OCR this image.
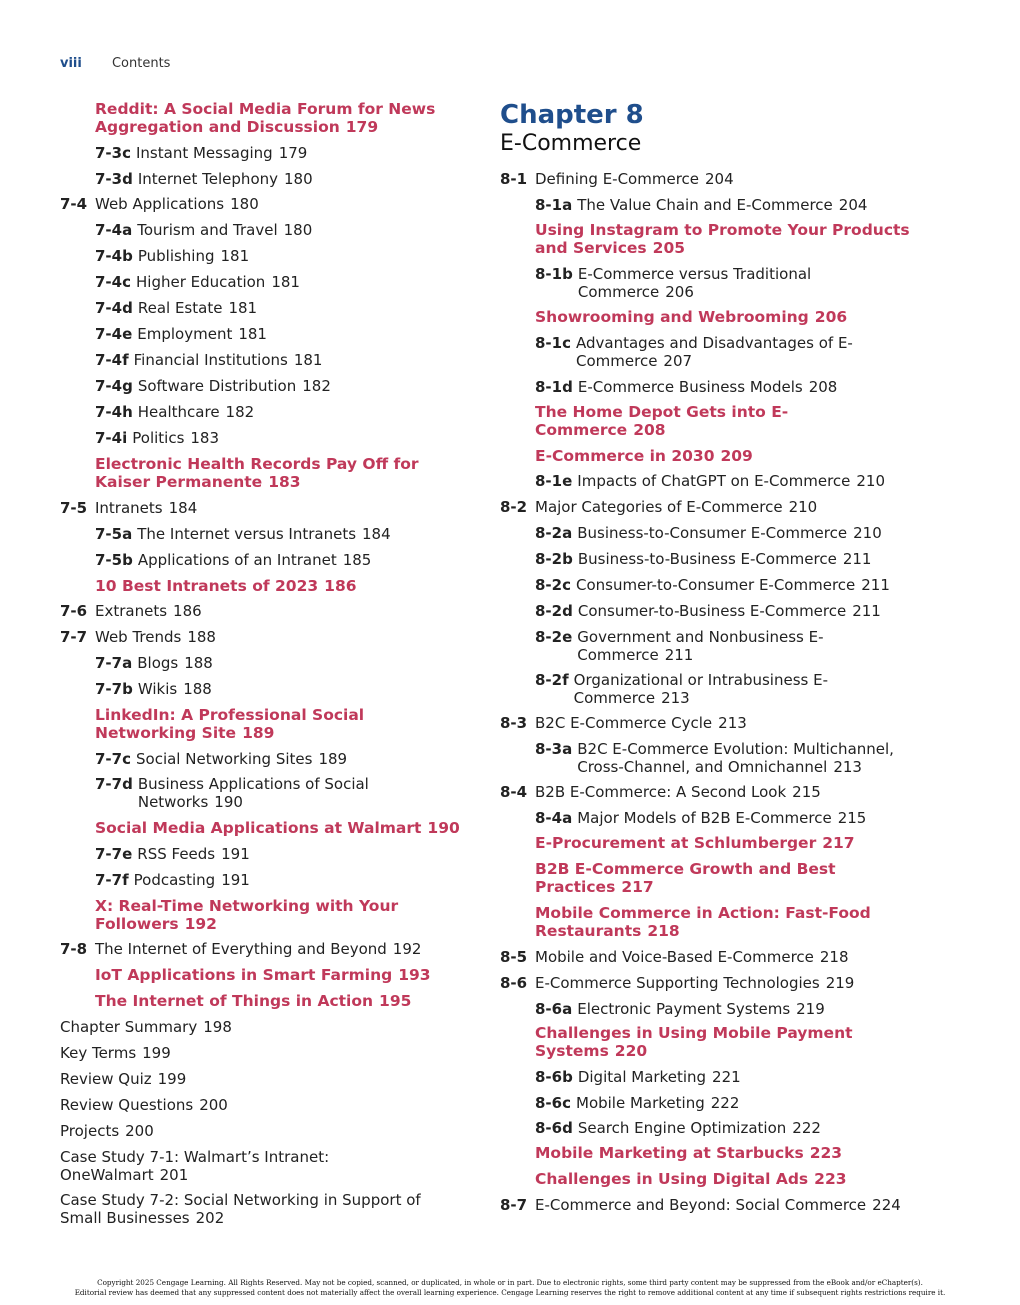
viii Contents
Reddit: A Social Media Forum for News Aggregation and Discussion 179
7-3c Instant Messaging 179
7-3d Internet Telephony 180
7-4 Web Applications 180
7-4a Tourism and Travel 180
7-4b Publishing 181
7-4c Higher Education 181
7-4d Real Estate 181
7-4e Employment 181
7-4f Financial Institutions 181
7-4g Software Distribution 182
7-4h Healthcare 182
7-4i Politics 183
Electronic Health Records Pay Off for Kaiser Permanente 183
7-5 Intranets 184
7-5a The Internet versus Intranets 184
7-5b Applications of an Intranet 185
10 Best Intranets of 2023 186
7-6 Extranets 186
7-7 Web Trends 188
7-7a Blogs 188
7-7b Wikis 188
LinkedIn: A Professional Social Networking Site 189
7-7c Social Networking Sites 189
7-7d Business Applications of Social Networks 190
Social Media Applications at Walmart 190
7-7e RSS Feeds 191
7-7f Podcasting 191
X: Real-Time Networking with Your Followers 192
7-8 The Internet of Everything and Beyond 192
IoT Applications in Smart Farming 193
The Internet of Things in Action 195
Chapter Summary 198
Key Terms 199
Review Quiz 199
Review Questions 200
Projects 200
Case Study 7-1: Walmart’s Intranet: OneWalmart 201
Case Study 7-2: Social Networking in Support of Small Businesses 202
Chapter 8
E-Commerce
8-1 Defining E-Commerce 204
8-1a The Value Chain and E-Commerce 204
Using Instagram to Promote Your Products and Services 205
8-1b E-Commerce versus Traditional Commerce 206
Showrooming and Webrooming 206
8-1c Advantages and Disadvantages of E-Commerce 207
8-1d E-Commerce Business Models 208
The Home Depot Gets into E-Commerce 208
E-Commerce in 2030 209
8-1e Impacts of ChatGPT on E-Commerce 210
8-2 Major Categories of E-Commerce 210
8-2a Business-to-Consumer E-Commerce 210
8-2b Business-to-Business E-Commerce 211
8-2c Consumer-to-Consumer E-Commerce 211
8-2d Consumer-to-Business E-Commerce 211
8-2e Government and Nonbusiness E-Commerce 211
8-2f Organizational or Intrabusiness E-Commerce 213
8-3 B2C E-Commerce Cycle 213
8-3a B2C E-Commerce Evolution: Multichannel, Cross-Channel, and Omnichannel 213
8-4 B2B E-Commerce: A Second Look 215
8-4a Major Models of B2B E-Commerce 215
E-Procurement at Schlumberger 217
B2B E-Commerce Growth and Best Practices 217
Mobile Commerce in Action: Fast-Food Restaurants 218
8-5 Mobile and Voice-Based E-Commerce 218
8-6 E-Commerce Supporting Technologies 219
8-6a Electronic Payment Systems 219
Challenges in Using Mobile Payment Systems 220
8-6b Digital Marketing 221
8-6c Mobile Marketing 222
8-6d Search Engine Optimization 222
Mobile Marketing at Starbucks 223
Challenges in Using Digital Ads 223
8-7 E-Commerce and Beyond: Social Commerce 224
Copyright 2025 Cengage Learning. All Rights Reserved. May not be copied, scanned, or duplicated, in whole or in part. Due to electronic rights, some third party content may be suppressed from the eBook and/or eChapter(s).
Editorial review has deemed that any suppressed content does not materially affect the overall learning experience. Cengage Learning reserves the right to remove additional content at any time if subsequent rights restrictions require it.
